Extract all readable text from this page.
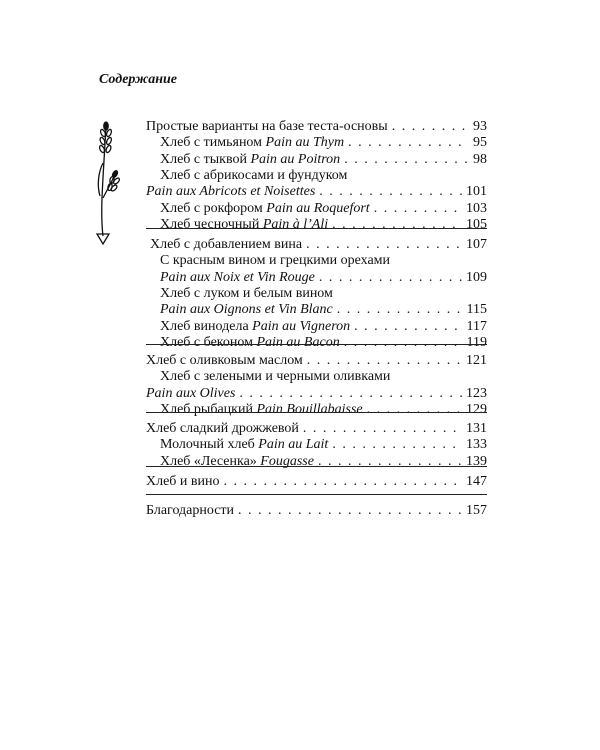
Содержание
Простые варианты на базе теста-основы . . .	93
Хлеб с тимьяном Pain au Thym . . .	95
Хлеб с тыквой Pain au Poitron . . .	98
Хлеб с абрикосами и фундуком
Pain aux Abricots et Noisettes . . .	101
Хлеб с рокфором Pain au Roquefort . . .	103
Хлеб чесночный Pain à l’Ali . . .	105
Хлеб с добавлением вина . . .	107
С красным вином и грецкими орехами
Pain aux Noix et Vin Rouge . . .	109
Хлеб с луком и белым вином
Pain aux Oignons et Vin Blanc . . .	115
Хлеб винодела Pain au Vigneron . . .	117
Хлеб с беконом Pain au Bacon . . .	119
Хлеб с оливковым маслом . . .	121
Хлеб с зелеными и черными оливками
Pain aux Olives . . .	123
Хлеб рыбацкий Pain Bouillabaisse . . .	129
Хлеб сладкий дрожжевой . . .	131
Молочный хлеб Pain au Lait . . .	133
Хлеб «Лесенка» Fougasse . . .	139
Хлеб и вино . . .	147
Благодарности . . .	157
